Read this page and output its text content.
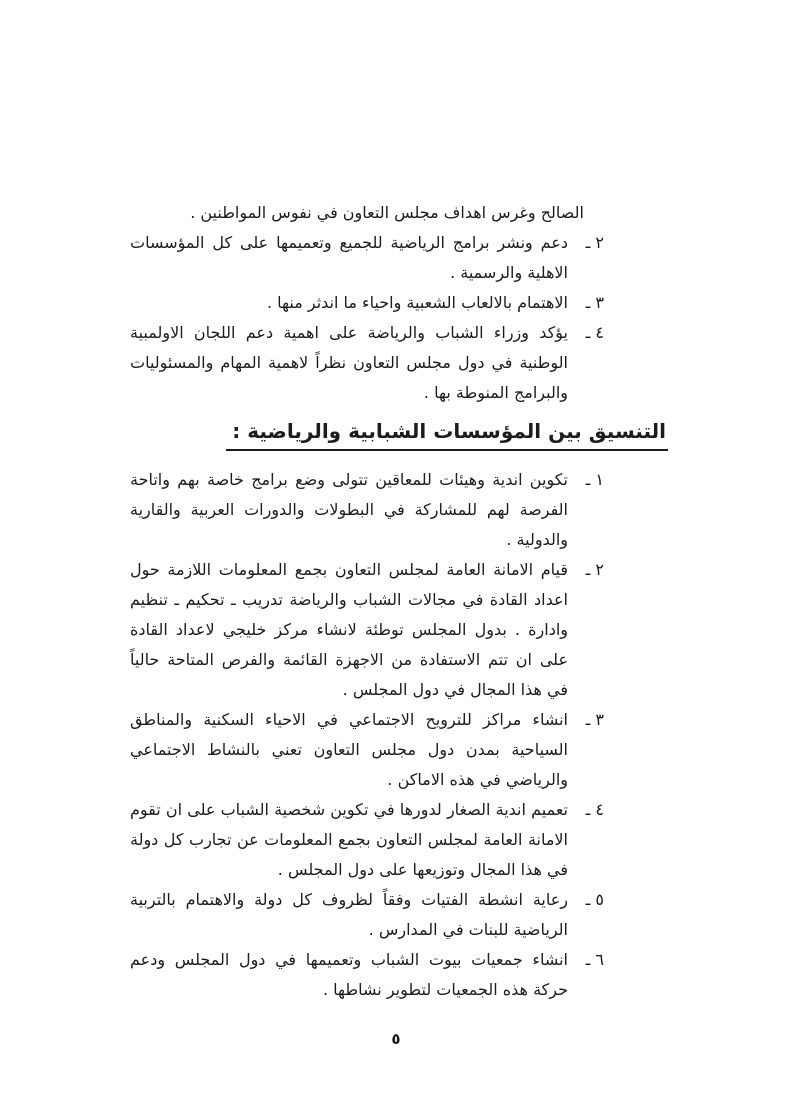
الصالح وغرس اهداف مجلس التعاون في نفوس المواطنين .

٢ ـ
دعم ونشر برامج الرياضية للجميع وتعميمها على كل المؤسسات الاهلية والرسمية .
٣ ـ
الاهتمام بالالعاب الشعبية واحياء ما اندثر منها .
٤ ـ
يؤكد وزراء الشباب والرياضة على اهمية دعم اللجان الاولمبية الوطنية في دول مجلس التعاون نظراً لاهمية المهام والمسئوليات والبرامج المنوطة بها .
التنسيق بين المؤسسات الشبابية والرياضية :
١ ـ
تكوين اندية وهيئات للمعاقين تتولى وضع برامج خاصة بهم واتاحة الفرصة لهم للمشاركة في البطولات والدورات العربية والقارية والدولية .
٢ ـ
قيام الامانة العامة لمجلس التعاون بجمع المعلومات اللازمة حول اعداد القادة في مجالات الشباب والرياضة تدريب ـ تحكيم ـ تنظيم وادارة . بدول المجلس توطئة لانشاء مركز خليجي لاعداد القادة على ان تتم الاستفادة من الاجهزة القائمة والفرص المتاحة حالياً في هذا المجال في دول المجلس .
٣ ـ
انشاء مراكز للترويح الاجتماعي في الاحياء السكنية والمناطق السياحية بمدن دول مجلس التعاون تعني بالنشاط الاجتماعي والرياضي في هذه الاماكن .
٤ ـ
تعميم اندية الصغار لدورها في تكوين شخصية الشباب على ان تقوم الامانة العامة لمجلس التعاون بجمع المعلومات عن تجارب كل دولة في هذا المجال وتوزيعها على دول المجلس .
٥ ـ
رعاية انشطة الفتيات وفقاً لظروف كل دولة والاهتمام بالتربية الرياضية للبنات في المدارس .
٦ ـ
انشاء جمعيات بيوت الشباب وتعميمها في دول المجلس ودعم حركة هذه الجمعيات لتطوير نشاطها .
٥
